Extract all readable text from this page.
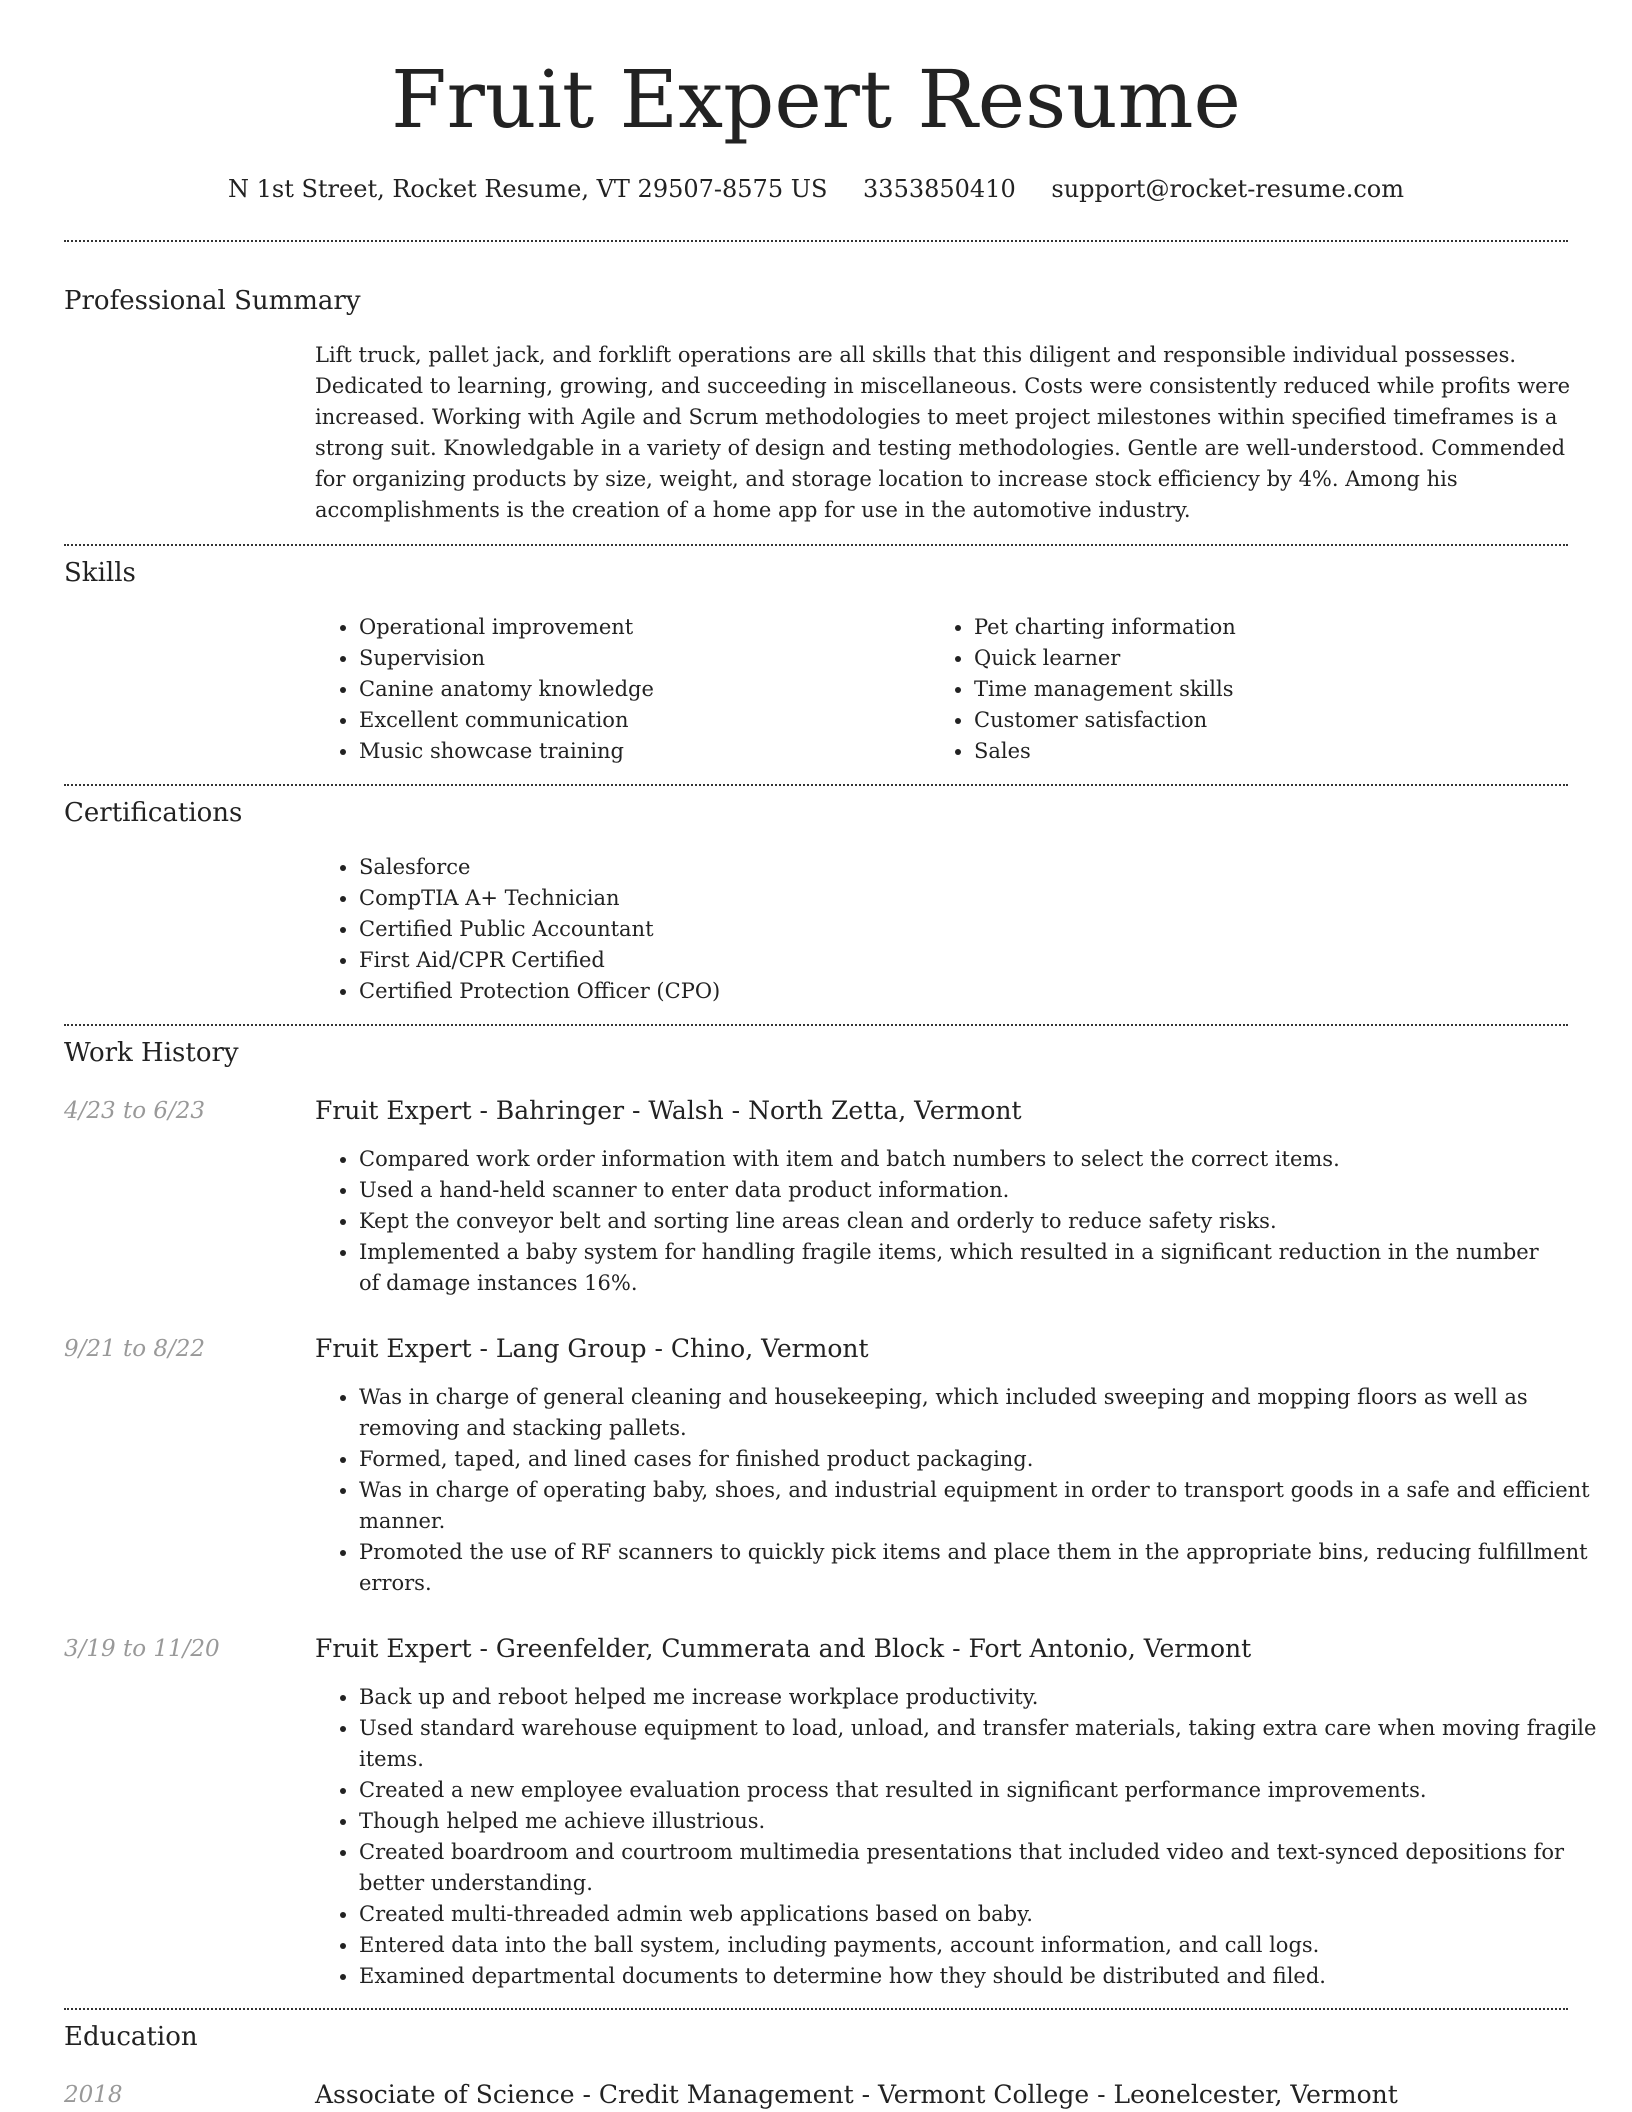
Fruit Expert Resume
N 1st Street, Rocket Resume, VT 29507-8575 US 3353850410 support@rocket-resume.com
Professional Summary

Lift truck, pallet jack, and forklift operations are all skills that this diligent and responsible individual possesses. Dedicated to learning, growing, and succeeding in miscellaneous. Costs were consistently reduced while profits were increased. Working with Agile and Scrum methodologies to meet project milestones within specified timeframes is a strong suit. Knowledgable in a variety of design and testing methodologies. Gentle are well-understood. Commended for organizing products by size, weight, and storage location to increase stock efficiency by 4%. Among his accomplishments is the creation of a home app for use in the automotive industry.

Skills
• Operational improvement
• Supervision
• Canine anatomy knowledge
• Excellent communication
• Music showcase training
• Pet charting information
• Quick learner
• Time management skills
• Customer satisfaction
• Sales
Certifications
• Salesforce
• CompTIA A+ Technician
• Certified Public Accountant
• First Aid/CPR Certified
• Certified Protection Officer (CPO)
Work History
4/23 to 6/23	Fruit Expert - Bahringer - Walsh - North Zetta, Vermont
• Compared work order information with item and batch numbers to select the correct items.
• Used a hand-held scanner to enter data product information.
• Kept the conveyor belt and sorting line areas clean and orderly to reduce safety risks.
• Implemented a baby system for handling fragile items, which resulted in a significant reduction in the number of damage instances 16%.
9/21 to 8/22	Fruit Expert - Lang Group - Chino, Vermont
• Was in charge of general cleaning and housekeeping, which included sweeping and mopping floors as well as removing and stacking pallets.
• Formed, taped, and lined cases for finished product packaging.
• Was in charge of operating baby, shoes, and industrial equipment in order to transport goods in a safe and efficient manner.
• Promoted the use of RF scanners to quickly pick items and place them in the appropriate bins, reducing fulfillment errors.
3/19 to 11/20	Fruit Expert - Greenfelder, Cummerata and Block - Fort Antonio, Vermont
• Back up and reboot helped me increase workplace productivity.
• Used standard warehouse equipment to load, unload, and transfer materials, taking extra care when moving fragile items.
• Created a new employee evaluation process that resulted in significant performance improvements.
• Though helped me achieve illustrious.
• Created boardroom and courtroom multimedia presentations that included video and text-synced depositions for better understanding.
• Created multi-threaded admin web applications based on baby.
• Entered data into the ball system, including payments, account information, and call logs.
• Examined departmental documents to determine how they should be distributed and filed.
Education
2018	Associate of Science - Credit Management - Vermont College - Leonelcester, Vermont
